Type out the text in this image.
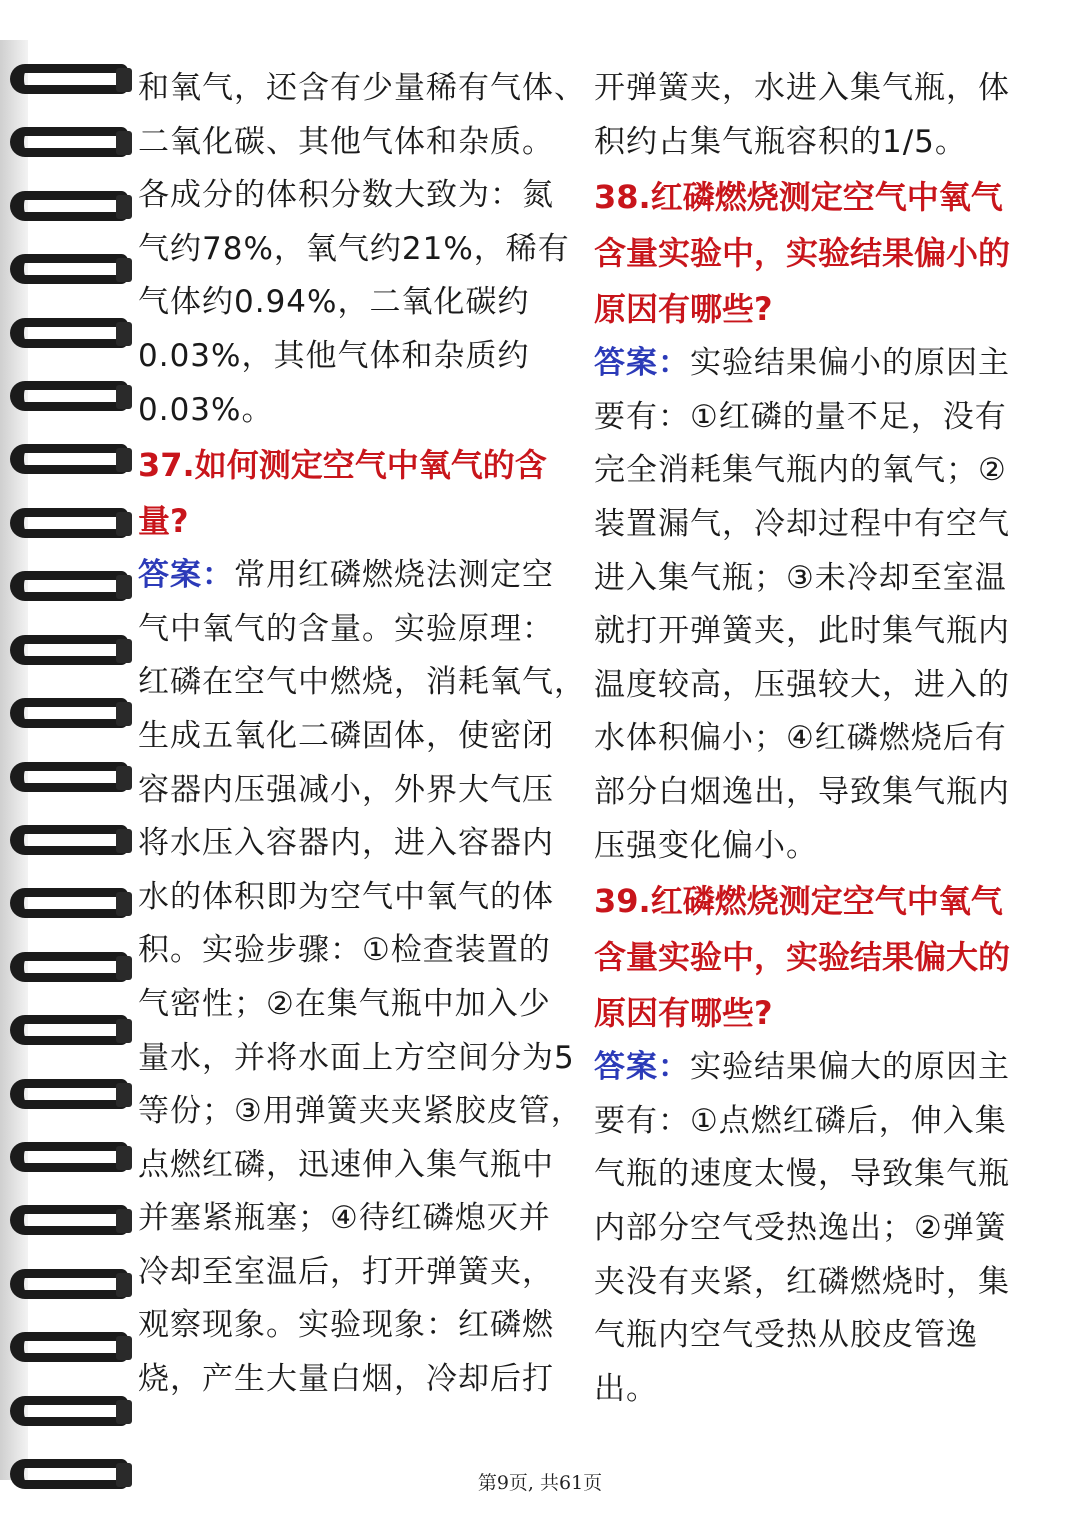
和氧气，还含有少量稀有气体、
二氧化碳、其他气体和杂质。
各成分的体积分数大致为：氮
气约78%，氧气约21%，稀有
气体约0.94%，二氧化碳约
0.03%，其他气体和杂质约
0.03%。
37.如何测定空气中氧气的含
量?
答案：常用红磷燃烧法测定空
气中氧气的含量。实验原理：
红磷在空气中燃烧，消耗氧气，
生成五氧化二磷固体，使密闭
容器内压强减小，外界大气压
将水压入容器内，进入容器内
水的体积即为空气中氧气的体
积。实验步骤：①检查装置的
气密性；②在集气瓶中加入少
量水，并将水面上方空间分为5
等份；③用弹簧夹夹紧胶皮管，
点燃红磷，迅速伸入集气瓶中
并塞紧瓶塞；④待红磷熄灭并
冷却至室温后，打开弹簧夹，
观察现象。实验现象：红磷燃
烧，产生大量白烟，冷却后打
开弹簧夹，水进入集气瓶，体
积约占集气瓶容积的1/5。
38.红磷燃烧测定空气中氧气
含量实验中，实验结果偏小的
原因有哪些?
答案：实验结果偏小的原因主
要有：①红磷的量不足，没有
完全消耗集气瓶内的氧气；②
装置漏气，冷却过程中有空气
进入集气瓶；③未冷却至室温
就打开弹簧夹，此时集气瓶内
温度较高，压强较大，进入的
水体积偏小；④红磷燃烧后有
部分白烟逸出，导致集气瓶内
压强变化偏小。
39.红磷燃烧测定空气中氧气
含量实验中，实验结果偏大的
原因有哪些?
答案：实验结果偏大的原因主
要有：①点燃红磷后，伸入集
气瓶的速度太慢，导致集气瓶
内部分空气受热逸出；②弹簧
夹没有夹紧，红磷燃烧时，集
气瓶内空气受热从胶皮管逸
出。
第9页, 共61页
